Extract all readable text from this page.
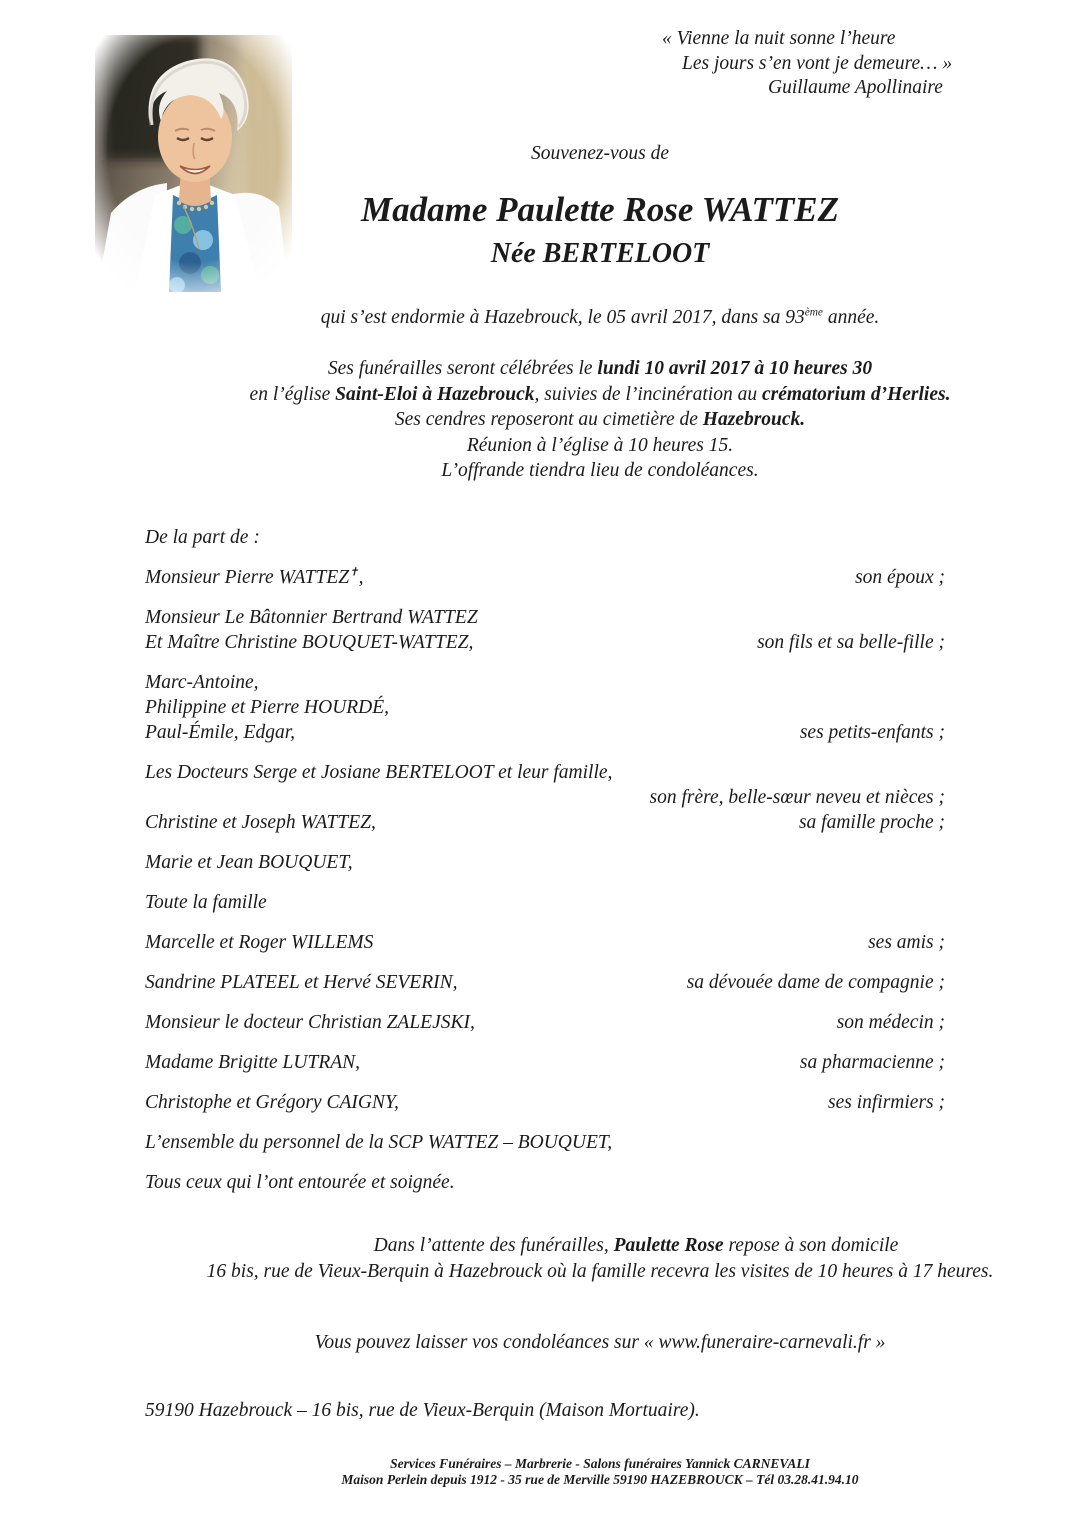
« Vienne la nuit sonne l’heure
Les jours s’en vont je demeure… »
Guillaume Apollinaire
Souvenez-vous de
Madame Paulette Rose WATTEZ
Née BERTELOOT
qui s’est endormie à Hazebrouck, le 05 avril 2017, dans sa 93ème année.
Ses funérailles seront célébrées le lundi 10 avril 2017 à 10 heures 30
en l’église Saint-Eloi à Hazebrouck, suivies de l’incinération au crématorium d’Herlies.
Ses cendres reposeront au cimetière de Hazebrouck.
Réunion à l’église à 10 heures 15.
L’offrande tiendra lieu de condoléances.
De la part de :
Monsieur Pierre WATTEZ✝,	son époux ;
Monsieur Le Bâtonnier Bertrand WATTEZ
Et Maître Christine BOUQUET-WATTEZ,	son fils et sa belle-fille ;
Marc-Antoine,
Philippine et Pierre HOURDÉ,
Paul-Émile, Edgar,	ses petits-enfants ;
Les Docteurs Serge et Josiane BERTELOOT et leur famille,
son frère, belle-sœur neveu et nièces ;
Christine et Joseph WATTEZ,	sa famille proche ;
Marie et Jean BOUQUET,
Toute la famille
Marcelle et Roger WILLEMS	ses amis ;
Sandrine PLATEEL et Hervé SEVERIN,	sa dévouée dame de compagnie ;
Monsieur le docteur Christian ZALEJSKI,	son médecin ;
Madame Brigitte LUTRAN,	sa pharmacienne ;
Christophe et Grégory CAIGNY,	ses infirmiers ;
L’ensemble du personnel de la SCP WATTEZ – BOUQUET,
Tous ceux qui l’ont entourée et soignée.
Dans l’attente des funérailles, Paulette Rose repose à son domicile
16 bis, rue de Vieux-Berquin à Hazebrouck où la famille recevra les visites de 10 heures à 17 heures.
Vous pouvez laisser vos condoléances sur « www.funeraire-carnevali.fr »
59190 Hazebrouck – 16 bis, rue de Vieux-Berquin (Maison Mortuaire).
Services Funéraires – Marbrerie - Salons funéraires Yannick CARNEVALI
Maison Perlein depuis 1912 - 35 rue de Merville 59190 HAZEBROUCK – Tél 03.28.41.94.10
